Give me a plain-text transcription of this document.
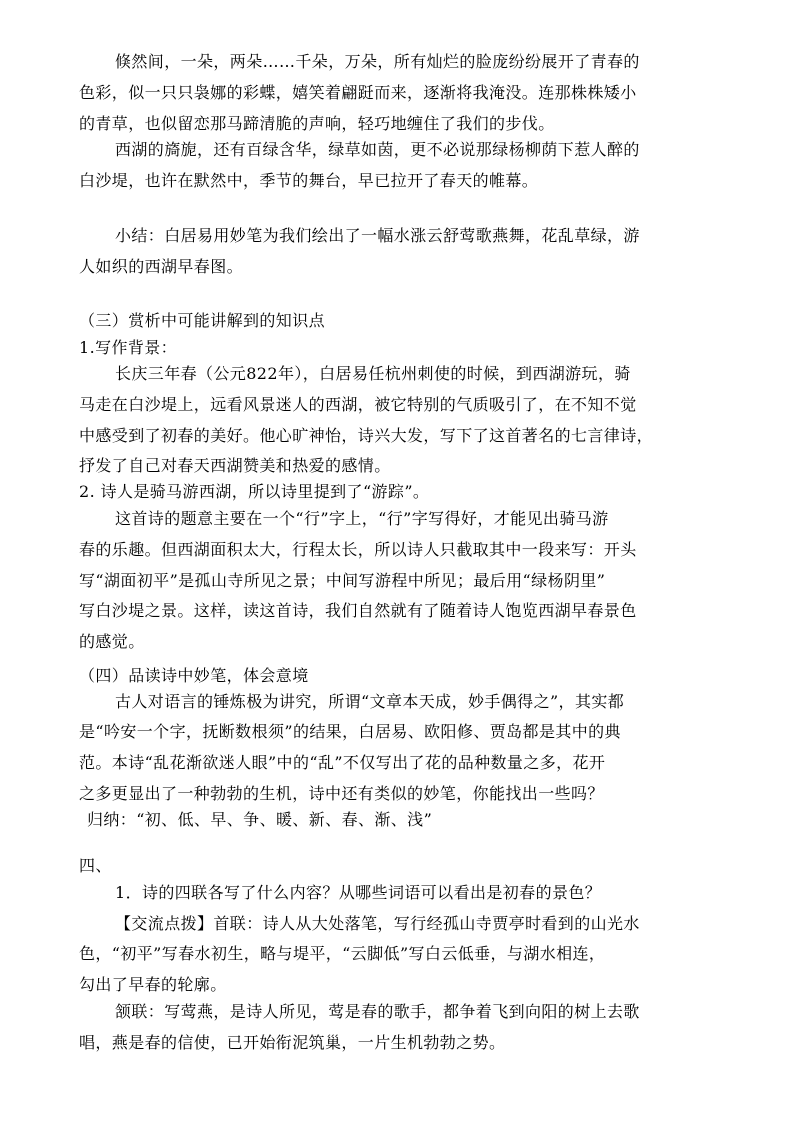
倏然间，一朵，两朵……千朵，万朵，所有灿烂的脸庞纷纷展开了青春的
色彩，似一只只袅娜的彩蝶，嬉笑着翩跹而来，逐渐将我淹没。连那株株矮小
的青草，也似留恋那马蹄清脆的声响，轻巧地缠住了我们的步伐。
西湖的旖旎，还有百绿含华，绿草如茵，更不必说那绿杨柳荫下惹人醉的
白沙堤，也许在默然中，季节的舞台，早已拉开了春天的帷幕。
小结：白居易用妙笔为我们绘出了一幅水涨云舒莺歌燕舞，花乱草绿，游
人如织的西湖早春图。
（三）赏析中可能讲解到的知识点
1.写作背景：
长庆三年春（公元822年），白居易任杭州刺使的时候，到西湖游玩，骑
马走在白沙堤上，远看风景迷人的西湖，被它特别的气质吸引了，在不知不觉
中感受到了初春的美好。他心旷神怡，诗兴大发，写下了这首著名的七言律诗，
抒发了自己对春天西湖赞美和热爱的感情。
2. 诗人是骑马游西湖，所以诗里提到了“游踪”。
这首诗的题意主要在一个“行”字上，“行”字写得好，才能见出骑马游
春的乐趣。但西湖面积太大，行程太长，所以诗人只截取其中一段来写：开头
写“湖面初平”是孤山寺所见之景；中间写游程中所见；最后用“绿杨阴里”
写白沙堤之景。这样，读这首诗，我们自然就有了随着诗人饱览西湖早春景色
的感觉。
（四）品读诗中妙笔，体会意境
古人对语言的锤炼极为讲究，所谓“文章本天成，妙手偶得之”，其实都
是“吟安一个字，抚断数根须”的结果，白居易、欧阳修、贾岛都是其中的典
范。本诗“乱花渐欲迷人眼”中的“乱”不仅写出了花的品种数量之多，花开
之多更显出了一种勃勃的生机，诗中还有类似的妙笔，你能找出一些吗？
归纳：“初、低、早、争、暖、新、春、渐、浅”
四、
1．诗的四联各写了什么内容？从哪些词语可以看出是初春的景色？
【交流点拨】首联：诗人从大处落笔，写行经孤山寺贾亭时看到的山光水
色，“初平”写春水初生，略与堤平，“云脚低”写白云低垂，与湖水相连，
勾出了早春的轮廓。
颔联：写莺燕，是诗人所见，莺是春的歌手，都争着飞到向阳的树上去歌
唱，燕是春的信使，已开始衔泥筑巢，一片生机勃勃之势。
